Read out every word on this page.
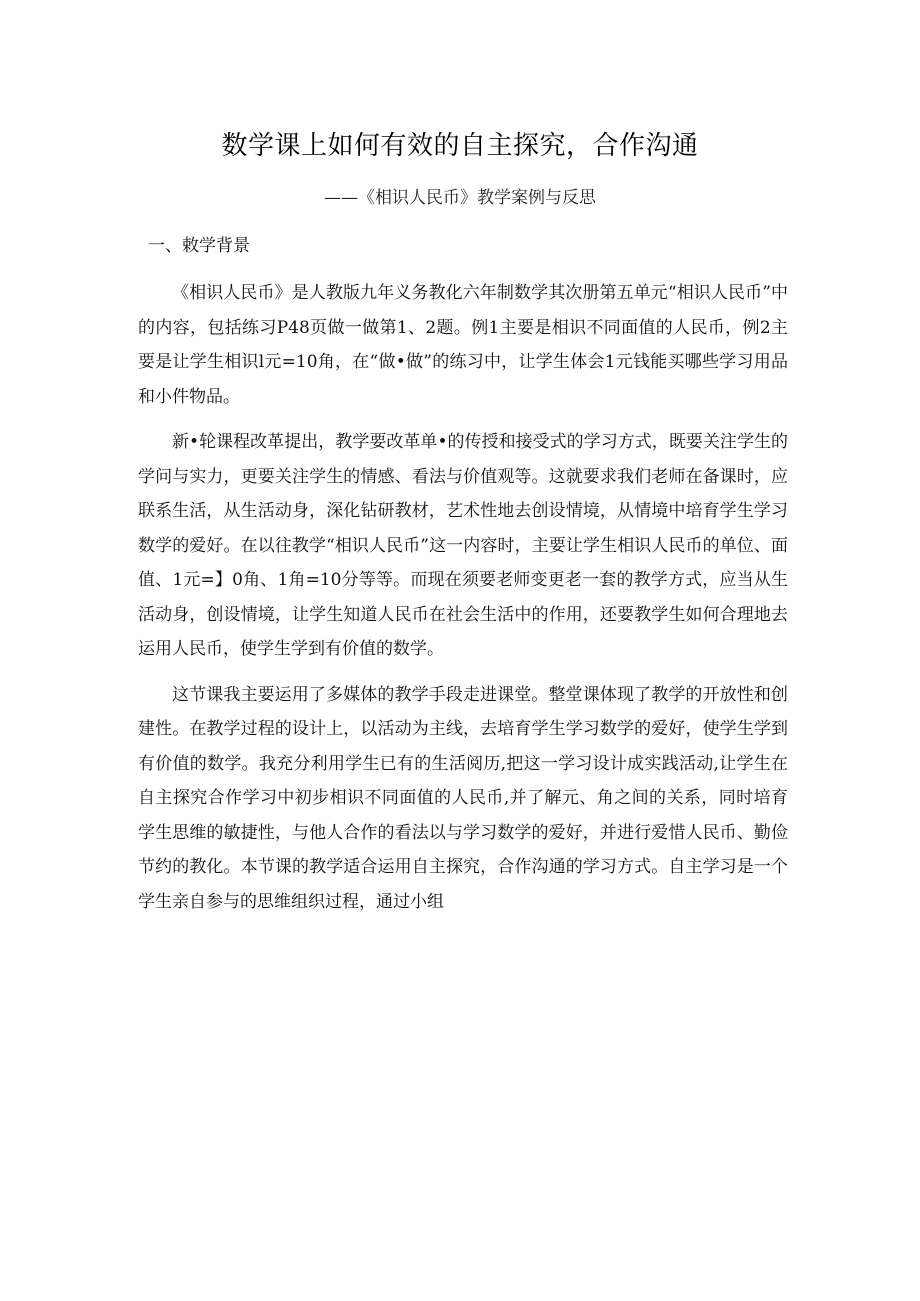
数学课上如何有效的自主探究，合作沟通
——《相识人民币》教学案例与反思
一、敕学背景

《相识人民币》是人教版九年义务教化六年制数学其次册第五单元“相识人民币”中的内容，包括练习P48页做一做第1、2题。例1主要是相识不同面值的人民币，例2主要是让学生相识l元=10角，在“做•做”的练习中，让学生体会1元钱能买哪些学习用品和小件物品。

新•轮课程改革提出，教学要改革单•的传授和接受式的学习方式，既要关注学生的学问与实力，更要关注学生的情感、看法与价值观等。这就要求我们老师在备课时，应联系生活，从生活动身，深化钻研教材，艺术性地去创设情境，从情境中培育学生学习数学的爱好。在以往教学“相识人民币”这一内容时，主要让学生相识人民币的单位、面值、1元=】0角、1角=10分等等。而现在须要老师变更老一套的教学方式，应当从生活动身，创设情境，让学生知道人民币在社会生活中的作用，还要教学生如何合理地去运用人民币，使学生学到有价值的数学。

这节课我主要运用了多媒体的教学手段走进课堂。整堂课体现了教学的开放性和创建性。在教学过程的设计上，以活动为主线，去培育学生学习数学的爱好，使学生学到有价值的数学。我充分利用学生已有的生活阅历,把这一学习设计成实践活动,让学生在自主探究合作学习中初步相识不同面值的人民币,并了解元、角之间的关系，同时培育学生思维的敏捷性，与他人合作的看法以与学习数学的爱好，并进行爱惜人民币、勤俭节约的教化。本节课的教学适合运用自主探究，合作沟通的学习方式。自主学习是一个学生亲自参与的思维组织过程，通过小组
